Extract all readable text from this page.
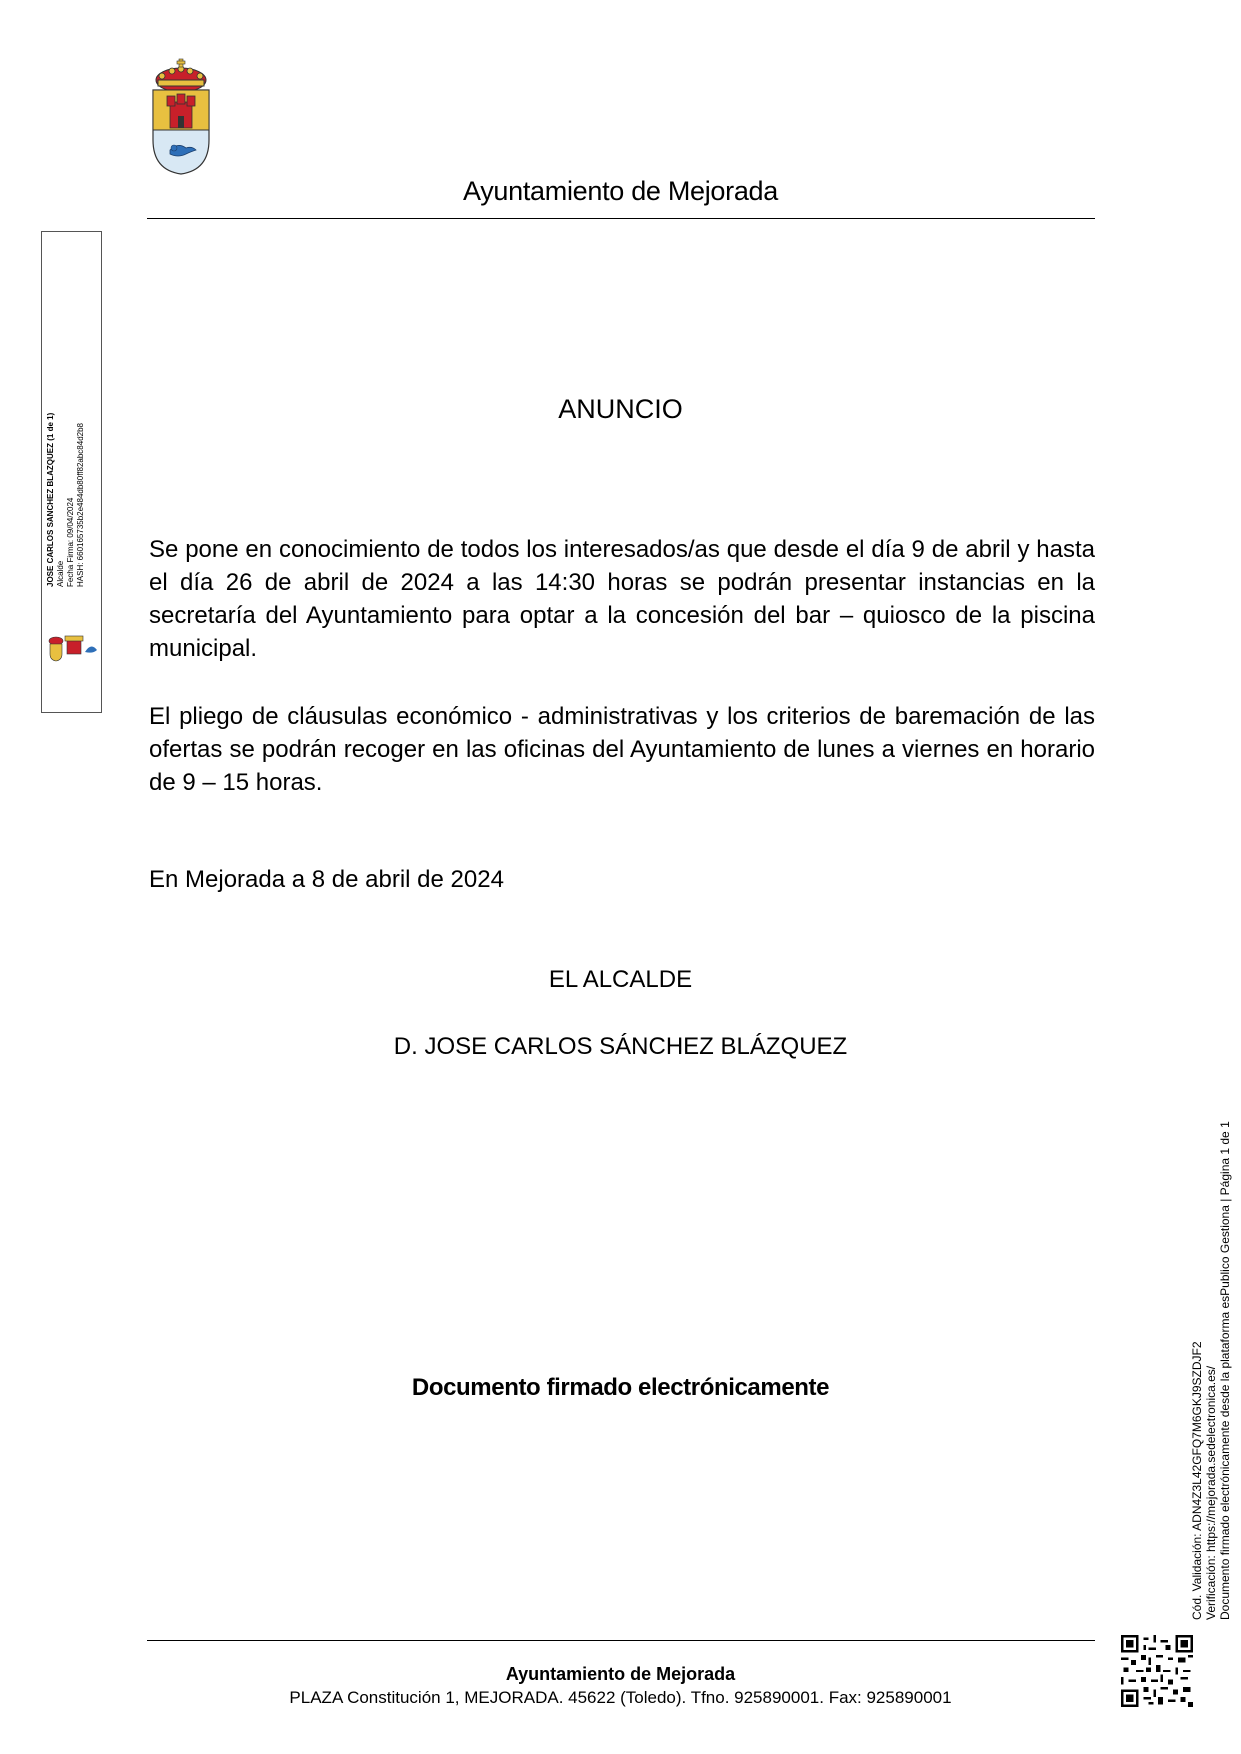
Ayuntamiento de Mejorada
JOSE CARLOS SANCHEZ BLAZQUEZ (1 de 1) Alcalde Fecha Firma: 09/04/2024 HASH: 660165735b2e484db80ff82abc84d2b8
ANUNCIO
Se pone en conocimiento de todos los interesados/as que desde el día 9 de abril y hasta el día 26 de abril de 2024 a las 14:30 horas se podrán presentar instancias en la secretaría del Ayuntamiento para optar a la concesión del bar – quiosco de la piscina municipal.
El pliego de cláusulas económico - administrativas y los criterios de baremación de las ofertas se podrán recoger en las oficinas del Ayuntamiento de lunes a viernes en horario de 9 – 15 horas.
En Mejorada a 8 de abril de 2024
EL ALCALDE
D. JOSE CARLOS SÁNCHEZ BLÁZQUEZ
Documento firmado electrónicamente	Cód. Validación: ADN4Z3L42GFQ7M6GKJ9SZDJF2 Verificación: https://mejorada.sedelectronica.es/ Documento firmado electrónicamente desde la plataforma esPublico Gestiona | Página 1 de 1
Ayuntamiento de Mejorada
PLAZA Constitución 1, MEJORADA. 45622 (Toledo). Tfno. 925890001. Fax: 925890001
